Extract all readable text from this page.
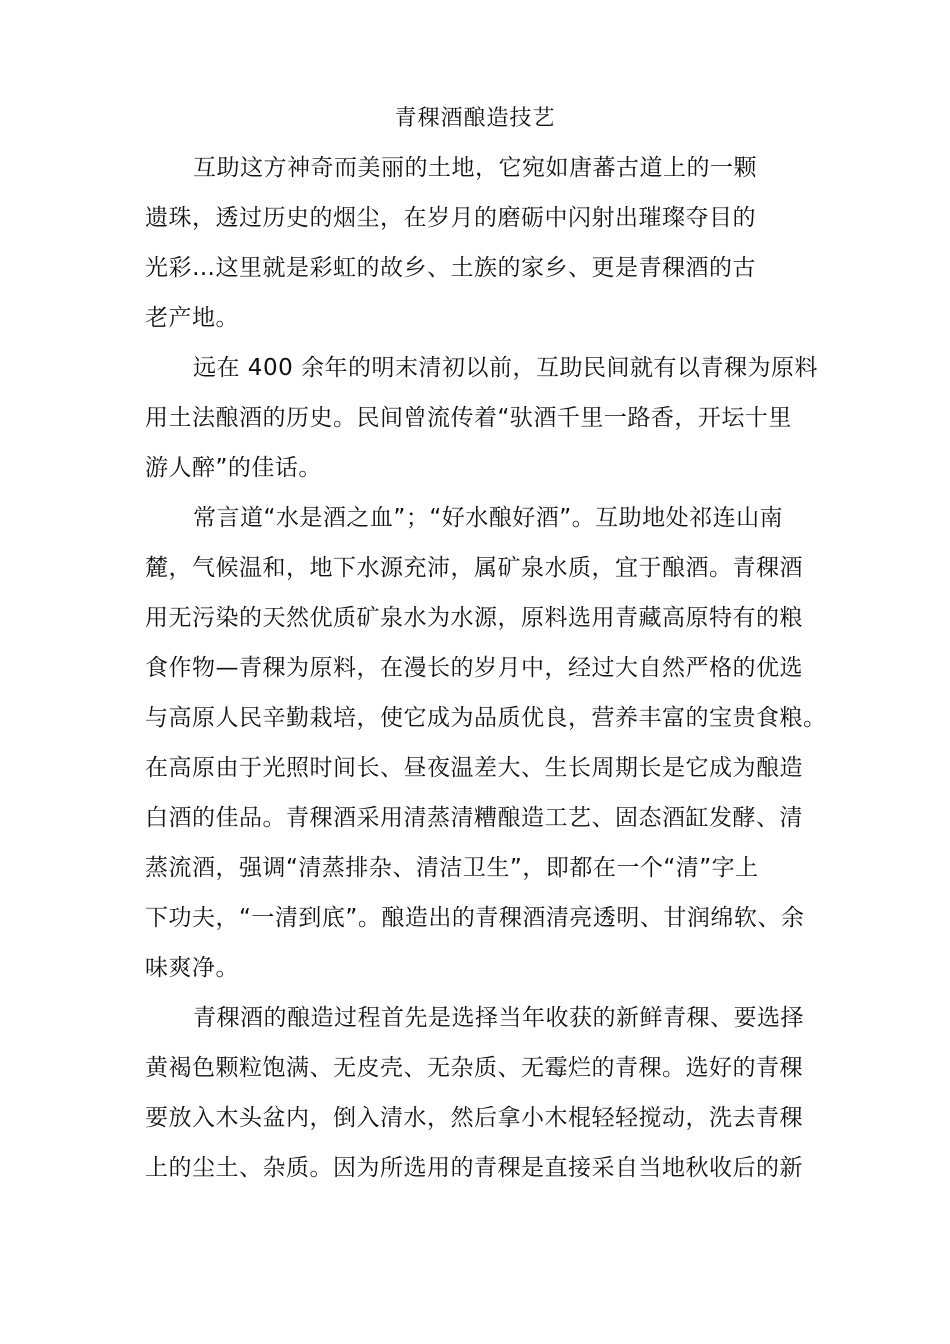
青稞酒酿造技艺
互助这方神奇而美丽的土地，它宛如唐蕃古道上的一颗
遗珠，透过历史的烟尘，在岁月的磨砺中闪射出璀璨夺目的
光彩…这里就是彩虹的故乡、土族的家乡、更是青稞酒的古
老产地。
远在 400 余年的明末清初以前，互助民间就有以青稞为原料
用土法酿酒的历史。民间曾流传着“驮酒千里一路香，开坛十里
游人醉”的佳话。
常言道“水是酒之血”；“好水酿好酒”。互助地处祁连山南
麓，气候温和，地下水源充沛，属矿泉水质，宜于酿酒。青稞酒
用无污染的天然优质矿泉水为水源，原料选用青藏高原特有的粮
食作物—青稞为原料，在漫长的岁月中，经过大自然严格的优选
与高原人民辛勤栽培，使它成为品质优良，营养丰富的宝贵食粮。
在高原由于光照时间长、昼夜温差大、生长周期长是它成为酿造
白酒的佳品。青稞酒采用清蒸清糟酿造工艺、固态酒缸发酵、清
蒸流酒，强调“清蒸排杂、清洁卫生”，即都在一个“清”字上
下功夫，“一清到底”。酿造出的青稞酒清亮透明、甘润绵软、余
味爽净。
青稞酒的酿造过程首先是选择当年收获的新鲜青稞、要选择
黄褐色颗粒饱满、无皮壳、无杂质、无霉烂的青稞。选好的青稞
要放入木头盆内，倒入清水，然后拿小木棍轻轻搅动，洗去青稞
上的尘土、杂质。因为所选用的青稞是直接采自当地秋收后的新
